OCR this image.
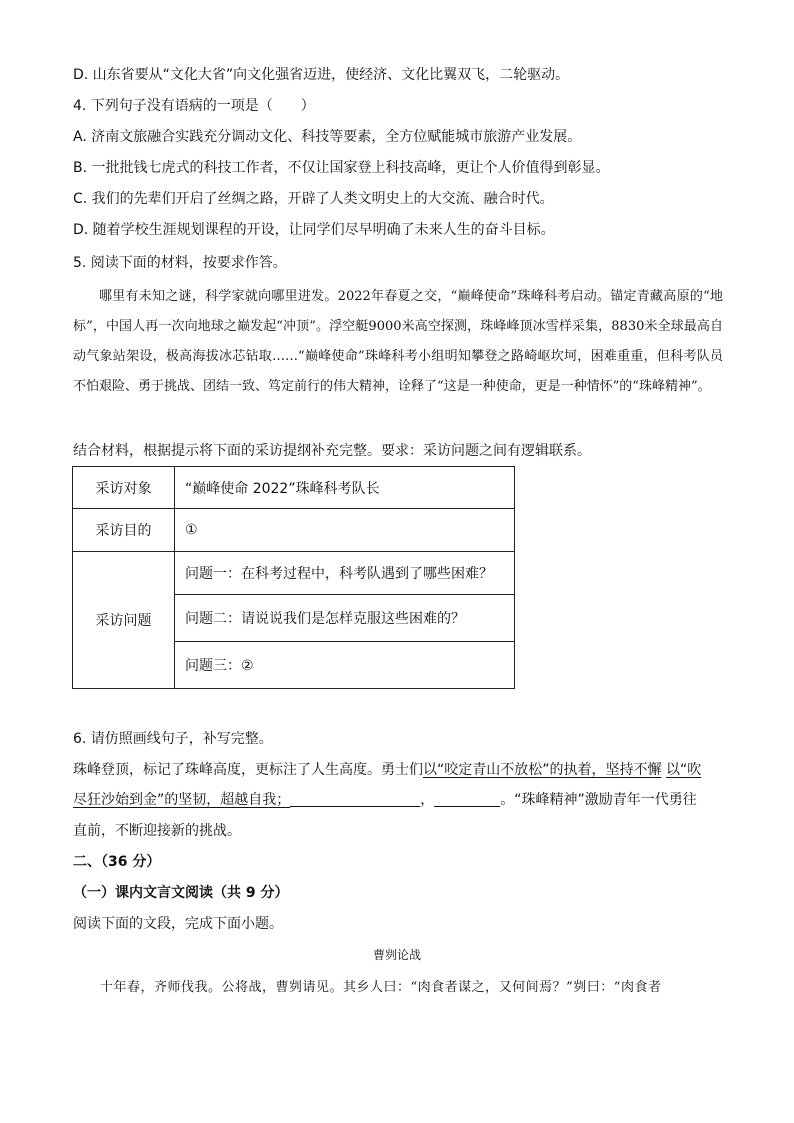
D. 山东省要从“文化大省”向文化强省迈进，使经济、文化比翼双飞，二轮驱动。
4. 下列句子没有语病的一项是（　　）
A. 济南文旅融合实践充分调动文化、科技等要素，全方位赋能城市旅游产业发展。
B. 一批批钱七虎式的科技工作者，不仅让国家登上科技高峰，更让个人价值得到彰显。
C. 我们的先辈们开启了丝绸之路，开辟了人类文明史上的大交流、融合时代。
D. 随着学校生涯规划课程的开设，让同学们尽早明确了未来人生的奋斗目标。
5. 阅读下面的材料，按要求作答。

哪里有未知之谜，科学家就向哪里进发。2022年春夏之交，“巅峰使命”珠峰科考启动。锚定青藏高原的“地标”，中国人再一次向地球之巅发起“冲顶”。浮空艇9000米高空探测，珠峰峰顶冰雪样采集，8830米全球最高自动气象站架设，极高海拔冰芯钻取……“巅峰使命”珠峰科考小组明知攀登之路崎岖坎坷，困难重重，但科考队员不怕艰险、勇于挑战、团结一致、笃定前行的伟大精神，诠释了“这是一种使命，更是一种情怀”的“珠峰精神”。

结合材料，根据提示将下面的采访提纲补充完整。要求：采访问题之间有逻辑联系。
采访对象	“巅峰使命 2022”珠峰科考队长
采访目的	①
采访问题	问题一：在科考过程中，科考队遇到了哪些困难？
	问题二：请说说我们是怎样克服这些困难的？
	问题三：②
6. 请仿照画线句子，补写完整。
珠峰登顶，标记了珠峰高度，更标注了人生高度。勇士们以“咬定青山不放松”的执着，坚持不懈 以“吹
尽狂沙始到金”的坚韧，超越自我；	，	。“珠峰精神”激励青年一代勇往
直前，不断迎接新的挑战。
二、（36 分）
（一）课内文言文阅读（共 9 分）
阅读下面的文段，完成下面小题。
曹刿论战
十年春，齐师伐我。公将战，曹刿请见。其乡人曰：“肉食者谋之，又何间焉？”刿曰：“肉食者
